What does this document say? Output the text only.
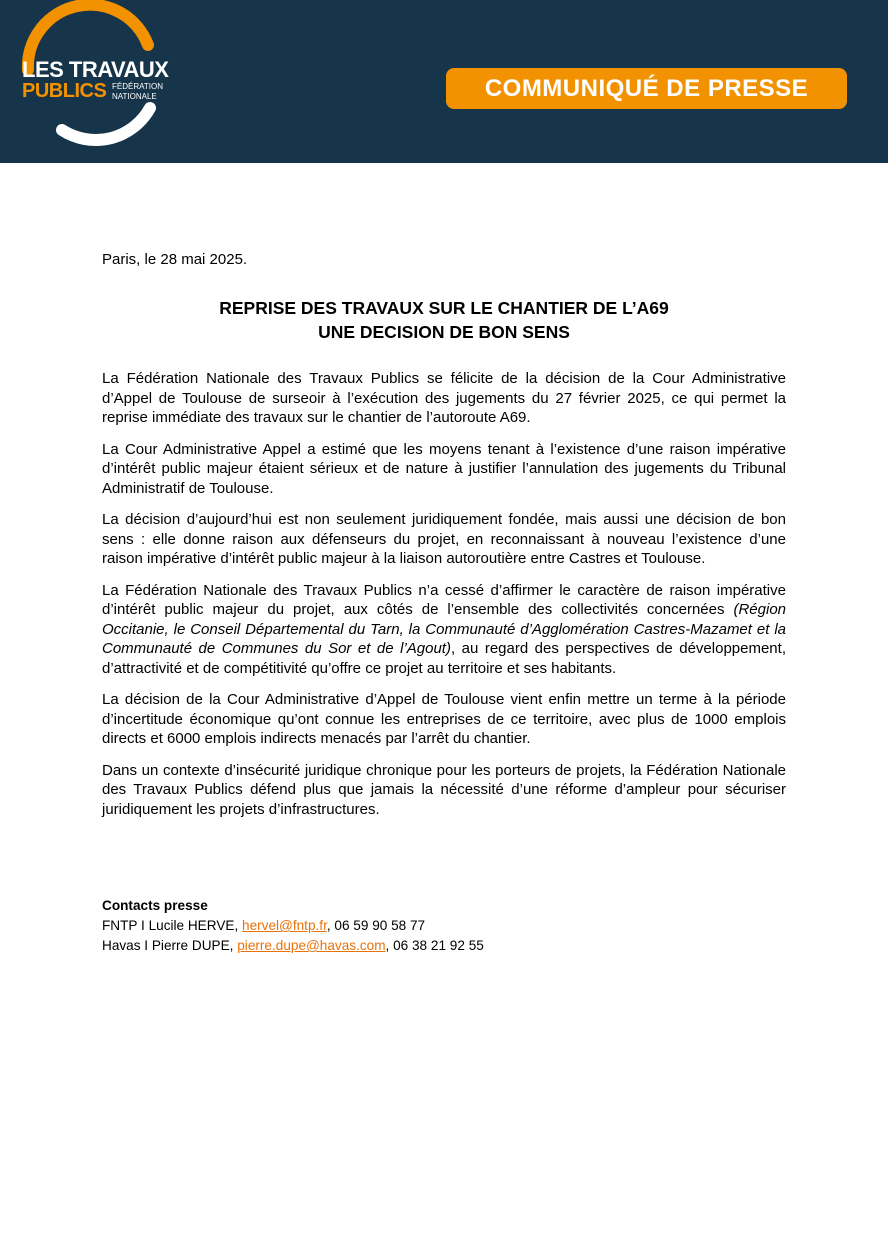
LES TRAVAUX
PUBLICS FÉDÉRATION
NATIONALE	COMMUNIQUÉ DE PRESSE
Paris, le 28 mai 2025.
REPRISE DES TRAVAUX SUR LE CHANTIER DE L’A69
UNE DECISION DE BON SENS

La Fédération Nationale des Travaux Publics se félicite de la décision de la Cour Administrative d’Appel de Toulouse de surseoir à l’exécution des jugements du 27 février 2025, ce qui permet la reprise immédiate des travaux sur le chantier de l’autoroute A69.

La Cour Administrative Appel a estimé que les moyens tenant à l’existence d’une raison impérative d’intérêt public majeur étaient sérieux et de nature à justifier l’annulation des jugements du Tribunal Administratif de Toulouse.

La décision d’aujourd’hui est non seulement juridiquement fondée, mais aussi une décision de bon sens : elle donne raison aux défenseurs du projet, en reconnaissant à nouveau l’existence d’une raison impérative d’intérêt public majeur à la liaison autoroutière entre Castres et Toulouse.

La Fédération Nationale des Travaux Publics n’a cessé d’affirmer le caractère de raison impérative d’intérêt public majeur du projet, aux côtés de l’ensemble des collectivités concernées (Région Occitanie, le Conseil Départemental du Tarn, la Communauté d’Agglomération Castres-Mazamet et la Communauté de Communes du Sor et de l’Agout), au regard des perspectives de développement, d’attractivité et de compétitivité qu’offre ce projet au territoire et ses habitants.

La décision de la Cour Administrative d’Appel de Toulouse vient enfin mettre un terme à la période d’incertitude économique qu’ont connue les entreprises de ce territoire, avec plus de 1000 emplois directs et 6000 emplois indirects menacés par l’arrêt du chantier.

Dans un contexte d’insécurité juridique chronique pour les porteurs de projets, la Fédération Nationale des Travaux Publics défend plus que jamais la nécessité d’une réforme d’ampleur pour sécuriser juridiquement les projets d’infrastructures.

Contacts presse
FNTP I Lucile HERVE, hervel@fntp.fr, 06 59 90 58 77
Havas I Pierre DUPE, pierre.dupe@havas.com, 06 38 21 92 55
